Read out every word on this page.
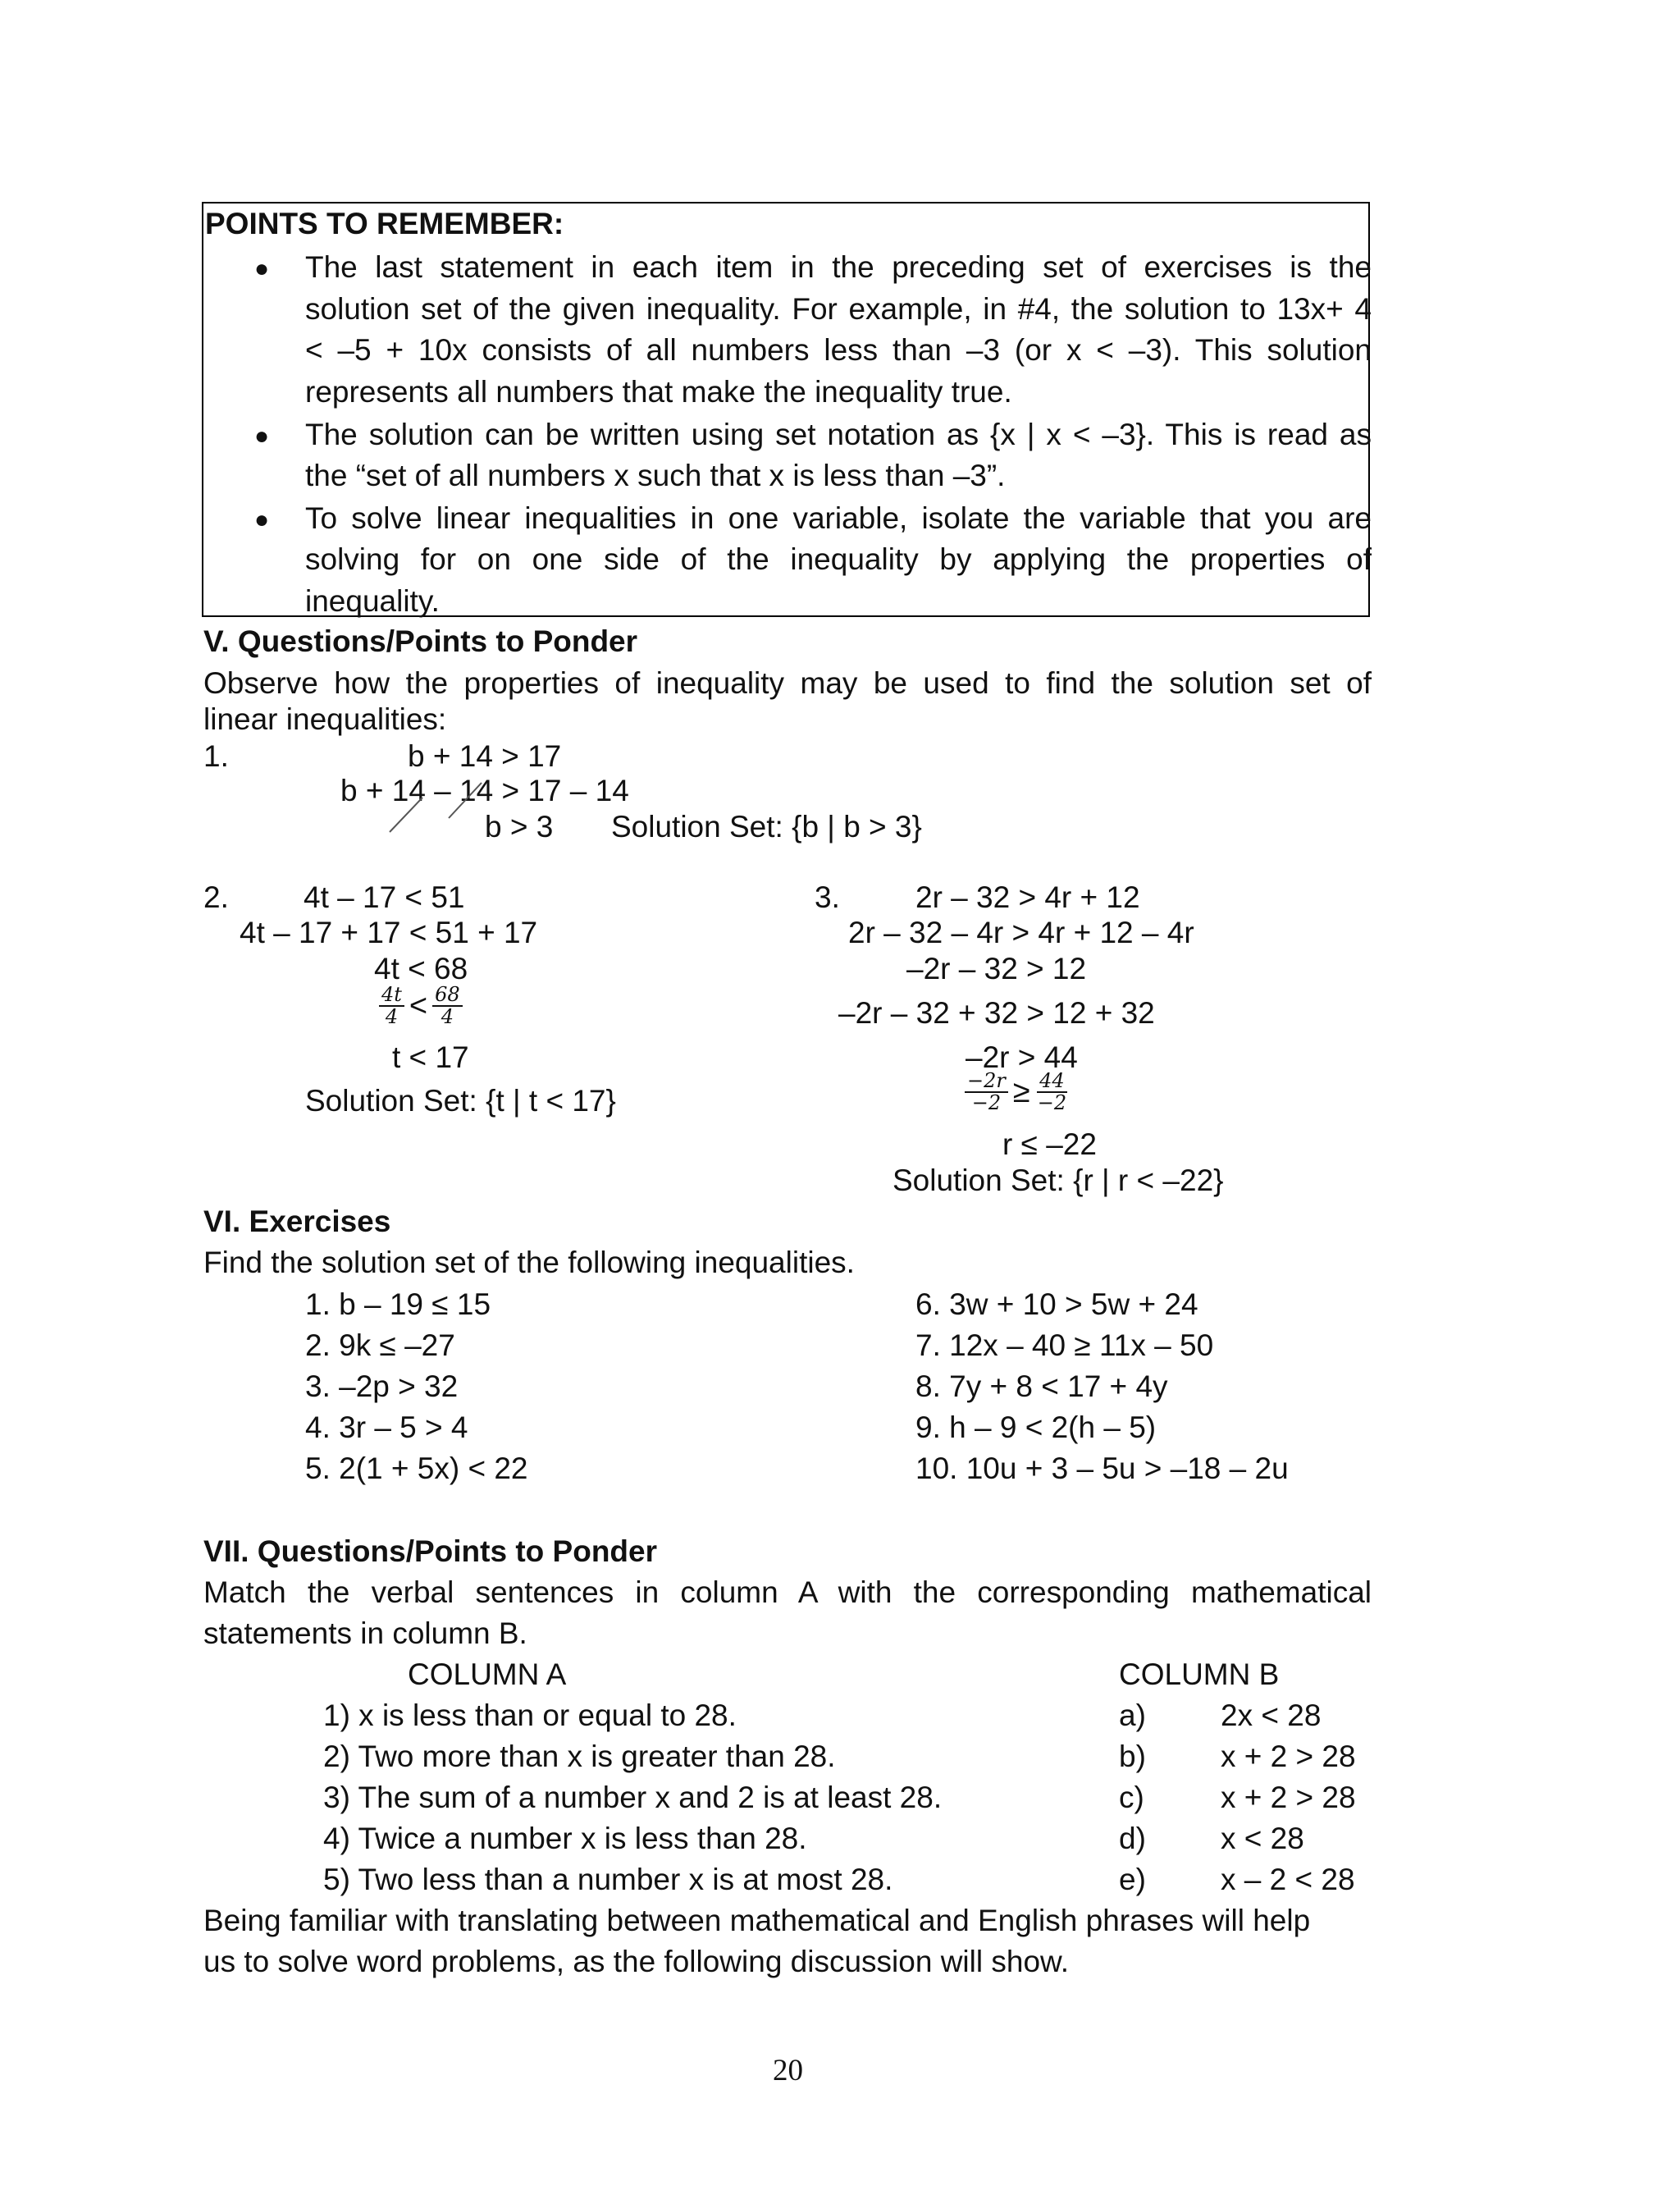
POINTS TO REMEMBER:
● The last statement in each item in the preceding set of exercises is the
solution set of the given inequality. For example, in #4, the solution to 13x+ 4
< –5 + 10x consists of all numbers less than –3 (or x < –3). This solution
represents all numbers that make the inequality true.
● The solution can be written using set notation as {x | x < –3}. This is read as
the “set of all numbers x such that x is less than –3”.
● To solve linear inequalities in one variable, isolate the variable that you are
solving for on one side of the inequality by applying the properties of
inequality.
V. Questions/Points to Ponder
Observe how the properties of inequality may be used to find the solution set of
linear inequalities:
1.	b + 14 > 17
b + 14 – 14 > 17 – 14
b > 3 Solution Set: {b | b > 3}
2. 4t – 17 < 51
4t – 17 + 17 < 51 + 17
4t < 68
$\frac{4t}{4} < \frac{68}{4}$
t < 17
Solution Set: {t | t < 17}
3. 2r – 32 > 4r + 12
2r – 32 – 4r > 4r + 12 – 4r
–2r – 32 > 12
–2r – 32 + 32 > 12 + 32
–2r > 44
$\frac{-2r}{-2} \ge \frac{44}{-2}$
r ≤ –22
Solution Set: {r | r < –22}
VI. Exercises
Find the solution set of the following inequalities.
1. b – 19 ≤ 15
2. 9k ≤ –27
3. –2p > 32
4. 3r – 5 > 4
5. 2(1 + 5x) < 22
6. 3w + 10 > 5w + 24
7. 12x – 40 ≥ 11x – 50
8. 7y + 8 < 17 + 4y
9. h – 9 < 2(h – 5)
10. 10u + 3 – 5u > –18 – 2u
VII. Questions/Points to Ponder
Match the verbal sentences in column A with the corresponding mathematical
statements in column B.
COLUMN A	COLUMN B
1) x is less than or equal to 28.
2) Two more than x is greater than 28.
3) The sum of a number x and 2 is at least 28.
4) Twice a number x is less than 28.
5) Two less than a number x is at most 28.
a)
b)
c)
d)
e)
2x < 28
x + 2 > 28
x + 2 > 28
x < 28
x – 2 < 28
Being familiar with translating between mathematical and English phrases will help
us to solve word problems, as the following discussion will show.
20
